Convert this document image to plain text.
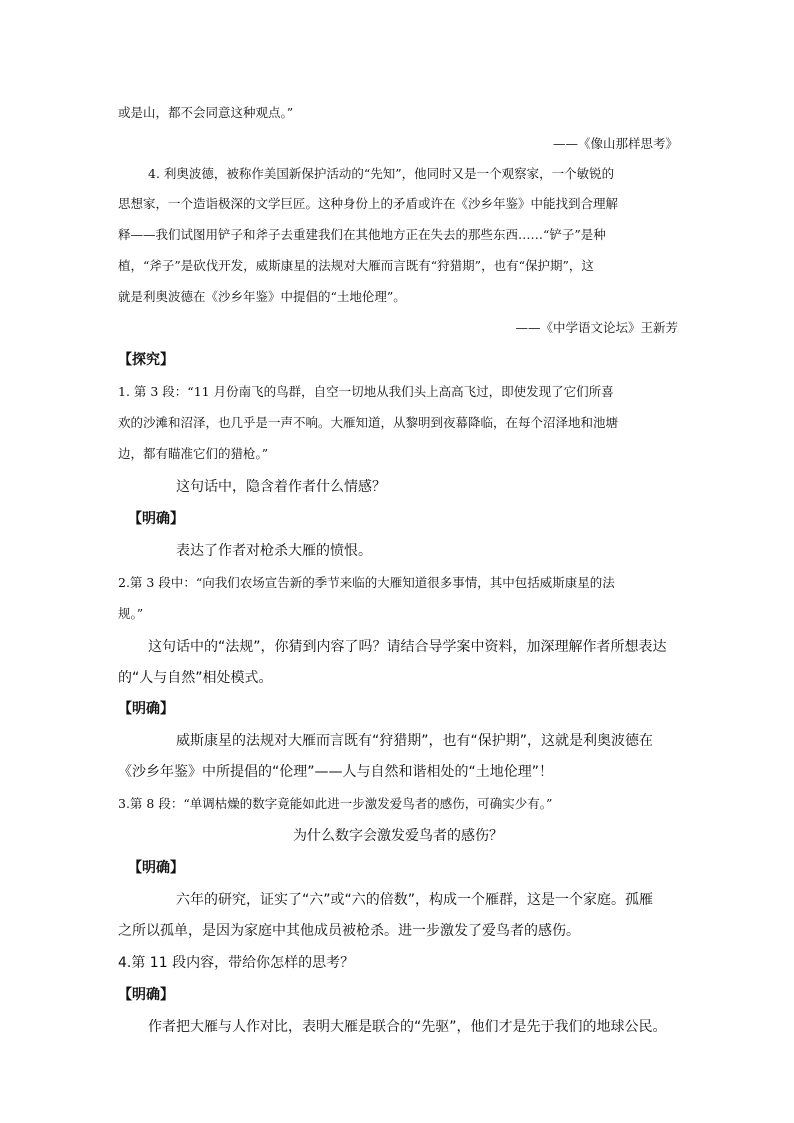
或是山，都不会同意这种观点。”
——《像山那样思考》
4. 利奥波德，被称作美国新保护活动的“先知”，他同时又是一个观察家，一个敏锐的
思想家，一个造诣极深的文学巨匠。这种身份上的矛盾或许在《沙乡年鉴》中能找到合理解
释——我们试图用铲子和斧子去重建我们在其他地方正在失去的那些东西……“铲子”是种
植，“斧子”是砍伐开发，威斯康星的法规对大雁而言既有“狩猎期”，也有“保护期”，这
就是利奥波德在《沙乡年鉴》中提倡的“土地伦理”。
——《中学语文论坛》王新芳
【探究】
1. 第 3 段：“11 月份南飞的鸟群，自空一切地从我们头上高高飞过，即使发现了它们所喜
欢的沙滩和沼泽，也几乎是一声不响。大雁知道，从黎明到夜幕降临，在每个沼泽地和池塘
边，都有瞄准它们的猎枪。”
这句话中，隐含着作者什么情感？
【明确】
表达了作者对枪杀大雁的愤恨。
2.第 3 段中：“向我们农场宣告新的季节来临的大雁知道很多事情，其中包括威斯康星的法
规。”
这句话中的“法规”，你猜到内容了吗？请结合导学案中资料，加深理解作者所想表达
的“人与自然”相处模式。
【明确】
威斯康星的法规对大雁而言既有“狩猎期”，也有“保护期”，这就是利奥波德在
《沙乡年鉴》中所提倡的“伦理”——人与自然和谐相处的“土地伦理”！
3.第 8 段：“单调枯燥的数字竟能如此进一步激发爱鸟者的感伤，可确实少有。”
为什么数字会激发爱鸟者的感伤？
【明确】
六年的研究，证实了“六”或“六的倍数”，构成一个雁群，这是一个家庭。孤雁
之所以孤单，是因为家庭中其他成员被枪杀。进一步激发了爱鸟者的感伤。
4.第 11 段内容，带给你怎样的思考？
【明确】
作者把大雁与人作对比，表明大雁是联合的“先驱”，他们才是先于我们的地球公民。
